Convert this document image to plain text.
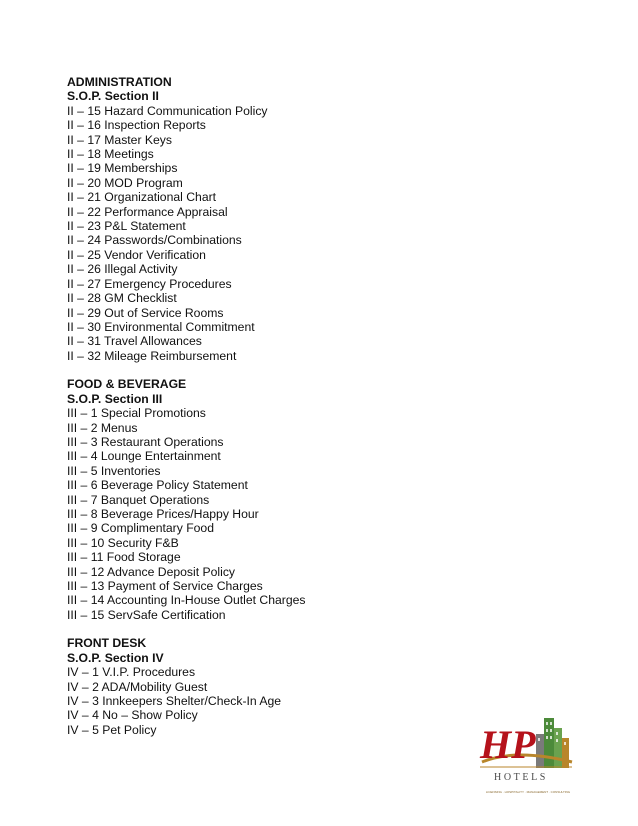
ADMINISTRATION
S.O.P. Section II
II – 15 Hazard Communication Policy
II – 16 Inspection Reports
II – 17 Master Keys
II – 18 Meetings
II – 19 Memberships
II – 20 MOD Program
II – 21 Organizational Chart
II – 22 Performance Appraisal
II – 23 P&L Statement
II – 24 Passwords/Combinations
II – 25 Vendor Verification
II – 26 Illegal Activity
II – 27 Emergency Procedures
II – 28 GM Checklist
II – 29 Out of Service Rooms
II – 30 Environmental Commitment
II – 31 Travel Allowances
II – 32 Mileage Reimbursement
FOOD & BEVERAGE
S.O.P. Section III
III – 1 Special Promotions
III – 2 Menus
III – 3 Restaurant Operations
III – 4 Lounge Entertainment
III – 5 Inventories
III – 6 Beverage Policy Statement
III – 7 Banquet Operations
III – 8 Beverage Prices/Happy Hour
III – 9 Complimentary Food
III – 10 Security F&B
III – 11 Food Storage
III – 12 Advance Deposit Policy
III – 13 Payment of Service Charges
III – 14 Accounting In-House Outlet Charges
III – 15 ServSafe Certification
FRONT DESK
S.O.P. Section IV
IV – 1 V.I.P. Procedures
IV – 2 ADA/Mobility Guest
IV – 3 Innkeepers Shelter/Check-In Age
IV – 4 No – Show Policy
IV – 5 Pet Policy	HP
HOTELS
LICENSING · HOSPITALITY · MANAGEMENT · CONSULTING
